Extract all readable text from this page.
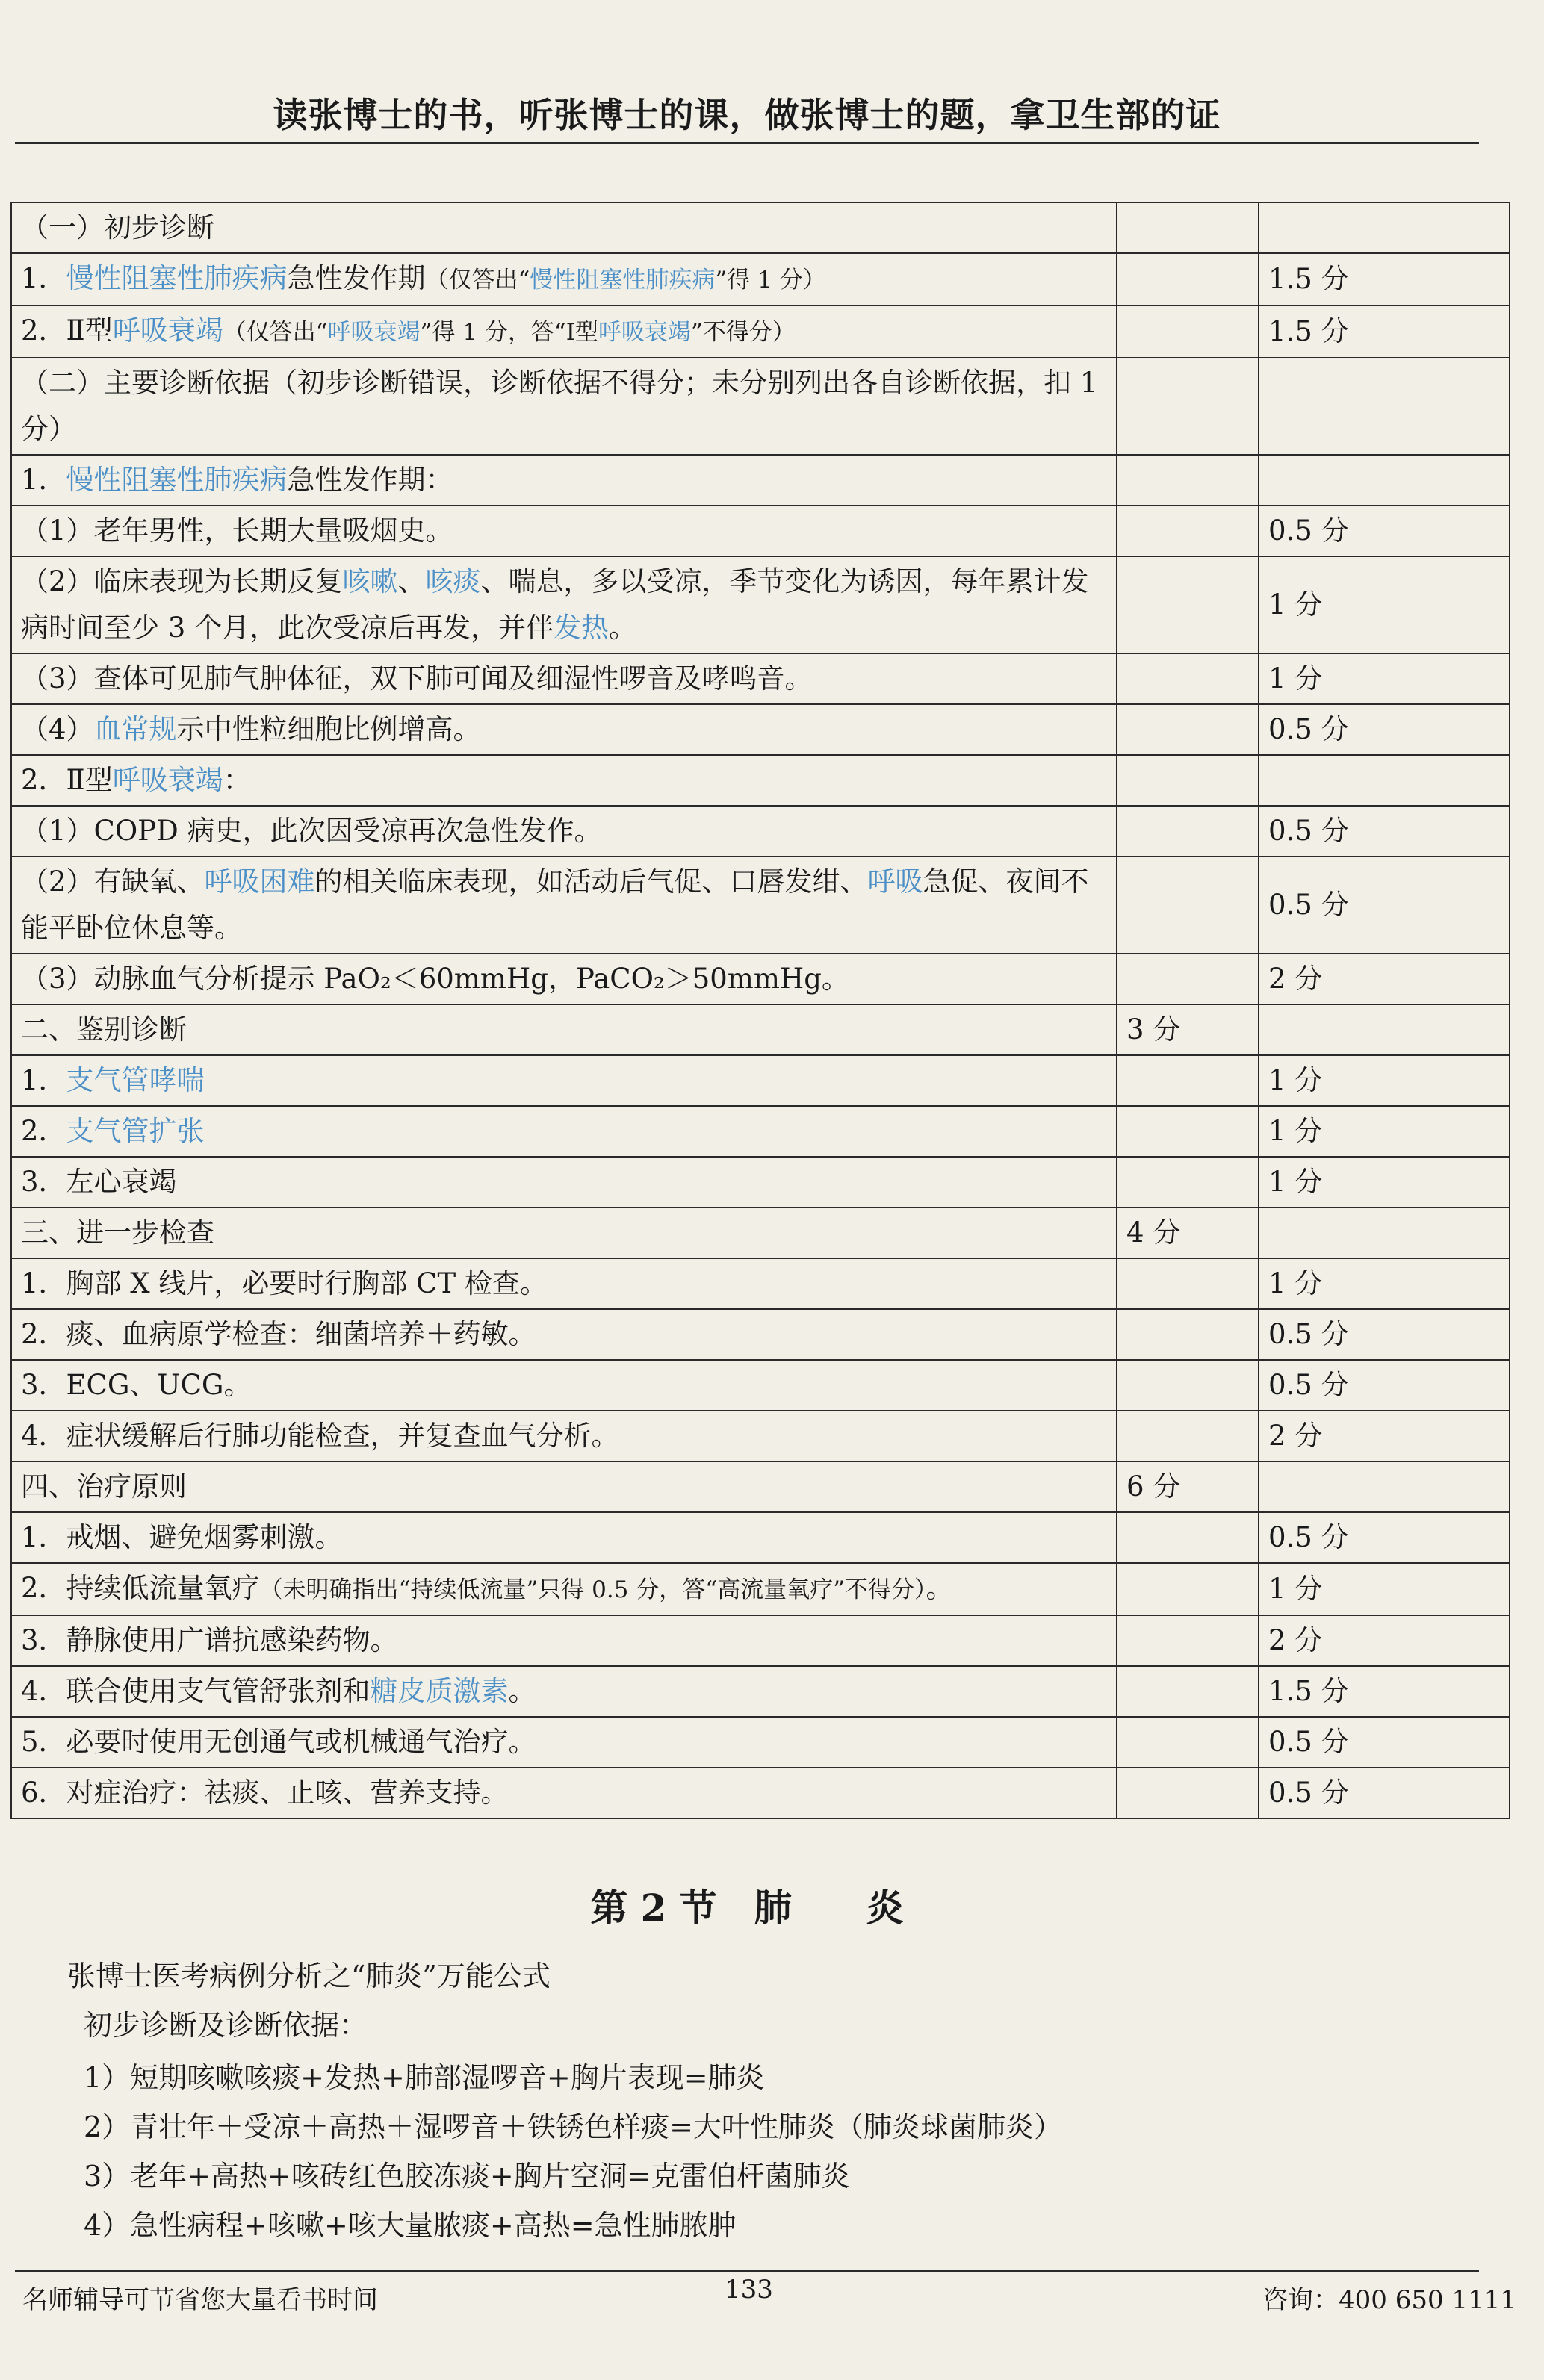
读张博士的书，听张博士的课，做张博士的题，拿卫生部的证
（一）初步诊断		
1．慢性阻塞性肺疾病急性发作期（仅答出“慢性阻塞性肺疾病”得 1 分）		1.5 分
2．Ⅱ型呼吸衰竭（仅答出“呼吸衰竭”得 1 分，答“Ⅰ型呼吸衰竭”不得分）		1.5 分
（二）主要诊断依据（初步诊断错误，诊断依据不得分；未分别列出各自诊断依据，扣 1 分）		
1．慢性阻塞性肺疾病急性发作期：		
（1）老年男性，长期大量吸烟史。		0.5 分
（2）临床表现为长期反复咳嗽、咳痰、喘息，多以受凉，季节变化为诱因，每年累计发病时间至少 3 个月，此次受凉后再发，并伴发热。		1 分
（3）查体可见肺气肿体征，双下肺可闻及细湿性啰音及哮鸣音。		1 分
（4）血常规示中性粒细胞比例增高。		0.5 分
2．Ⅱ型呼吸衰竭：		
（1）COPD 病史，此次因受凉再次急性发作。		0.5 分
（2）有缺氧、呼吸困难的相关临床表现，如活动后气促、口唇发绀、呼吸急促、夜间不能平卧位休息等。		0.5 分
（3）动脉血气分析提示 PaO₂＜60mmHg，PaCO₂＞50mmHg。		2 分
二、鉴别诊断	3 分	
1．支气管哮喘		1 分
2．支气管扩张		1 分
3．左心衰竭		1 分
三、进一步检查	4 分	
1．胸部 X 线片，必要时行胸部 CT 检查。		1 分
2．痰、血病原学检查：细菌培养＋药敏。		0.5 分
3．ECG、UCG。		0.5 分
4．症状缓解后行肺功能检查，并复查血气分析。		2 分
四、治疗原则	6 分	
1．戒烟、避免烟雾刺激。		0.5 分
2．持续低流量氧疗（未明确指出“持续低流量”只得 0.5 分，答“高流量氧疗”不得分）。		1 分
3．静脉使用广谱抗感染药物。		2 分
4．联合使用支气管舒张剂和糖皮质激素。		1.5 分
5．必要时使用无创通气或机械通气治疗。		0.5 分
6．对症治疗：祛痰、止咳、营养支持。		0.5 分
第 2 节　肺　　炎
张博士医考病例分析之“肺炎”万能公式
初步诊断及诊断依据：
1）短期咳嗽咳痰+发热+肺部湿啰音+胸片表现=肺炎
2）青壮年＋受凉＋高热＋湿啰音＋铁锈色样痰=大叶性肺炎（肺炎球菌肺炎）
3）老年+高热+咳砖红色胶冻痰+胸片空洞=克雷伯杆菌肺炎
4）急性病程+咳嗽+咳大量脓痰+高热=急性肺脓肿
名师辅导可节省您大量看书时间	133	咨询：400 650 1111
